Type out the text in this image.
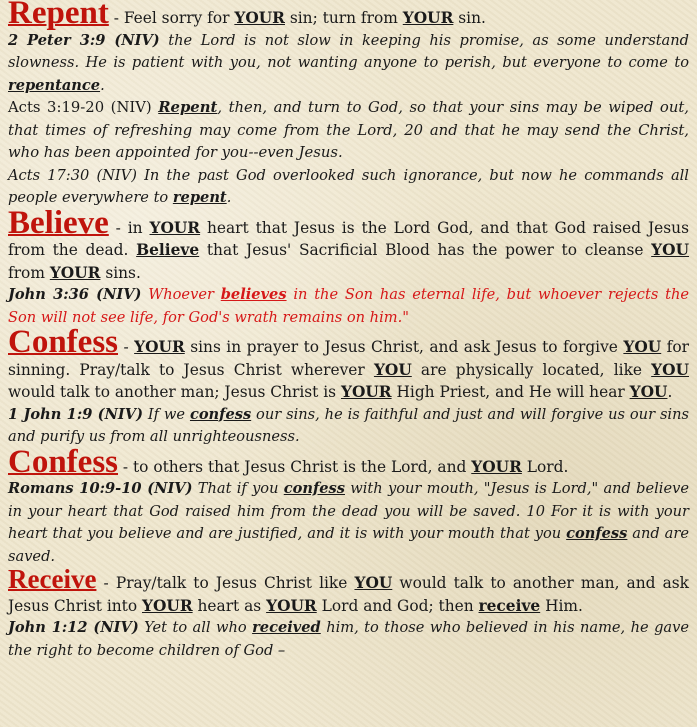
Repent - Feel sorry for YOUR sin; turn from YOUR sin.

2 Peter 3:9 (NIV) the Lord is not slow in keeping his promise, as some understand slowness. He is patient with you, not wanting anyone to perish, but everyone to come to repentance.

Acts 3:19-20 (NIV) Repent, then, and turn to God, so that your sins may be wiped out, that times of refreshing may come from the Lord, 20 and that he may send the Christ, who has been appointed for you--even Jesus.

Acts 17:30 (NIV) In the past God overlooked such ignorance, but now he commands all people everywhere to repent.

Believe - in YOUR heart that Jesus is the Lord God, and that God raised Jesus from the dead. Believe that Jesus' Sacrificial Blood has the power to cleanse YOU from YOUR sins.

John 3:36 (NIV) Whoever believes in the Son has eternal life, but whoever rejects the Son will not see life, for God's wrath remains on him."

Confess - YOUR sins in prayer to Jesus Christ, and ask Jesus to forgive YOU for sinning. Pray/talk to Jesus Christ wherever YOU are physically located, like YOU would talk to another man; Jesus Christ is YOUR High Priest, and He will hear YOU.

1 John 1:9 (NIV) If we confess our sins, he is faithful and just and will forgive us our sins and purify us from all unrighteousness.

Confess - to others that Jesus Christ is the Lord, and YOUR Lord.

Romans 10:9-10 (NIV) That if you confess with your mouth, "Jesus is Lord," and believe in your heart that God raised him from the dead you will be saved. 10 For it is with your heart that you believe and are justified, and it is with your mouth that you confess and are saved.

Receive - Pray/talk to Jesus Christ like YOU would talk to another man, and ask Jesus Christ into YOUR heart as YOUR Lord and God; then receive Him.

John 1:12 (NIV) Yet to all who received him, to those who believed in his name, he gave the right to become children of God –
